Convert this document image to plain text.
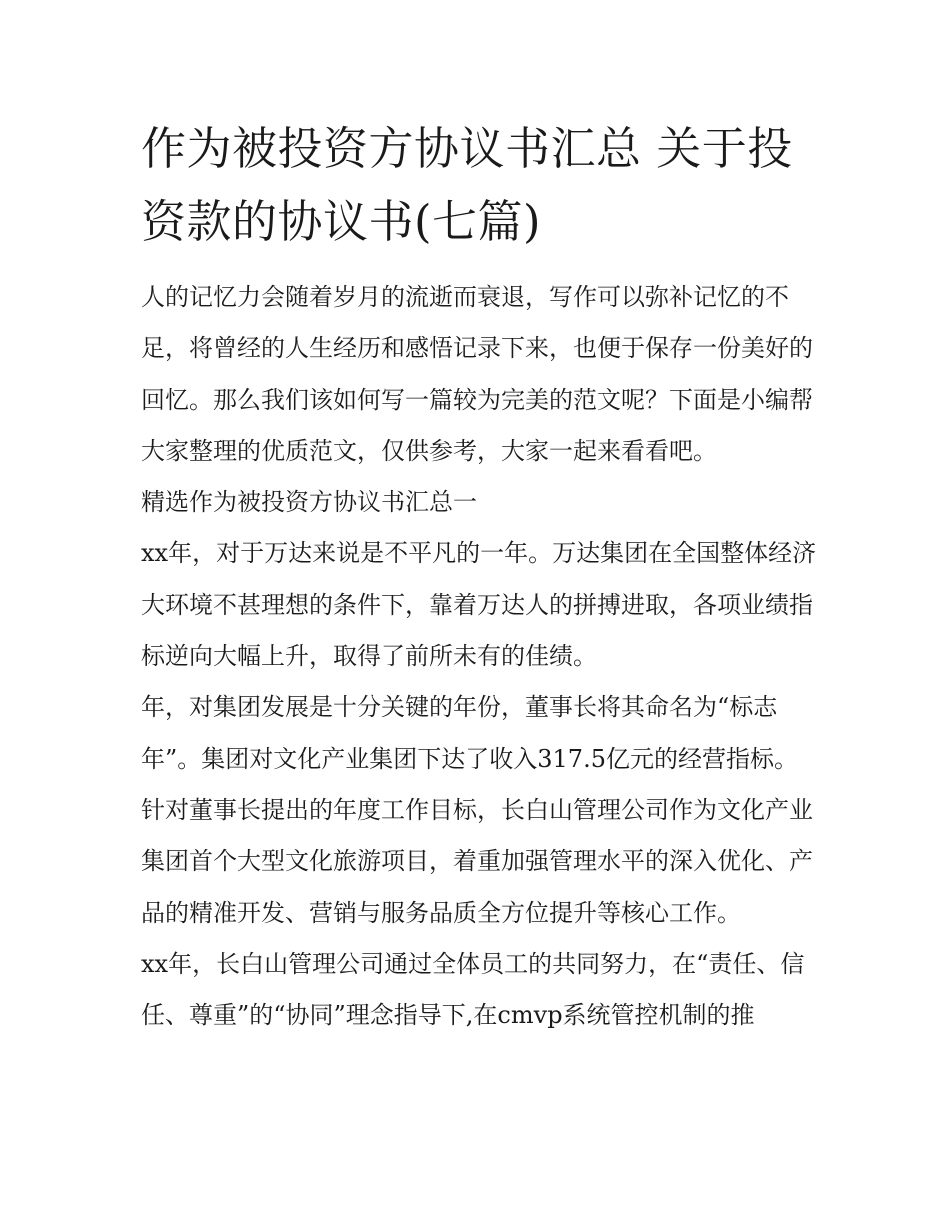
作为被投资方协议书汇总 关于投资款的协议书(七篇)

人的记忆力会随着岁月的流逝而衰退，写作可以弥补记忆的不足，将曾经的人生经历和感悟记录下来，也便于保存一份美好的回忆。那么我们该如何写一篇较为完美的范文呢？下面是小编帮大家整理的优质范文，仅供参考，大家一起来看看吧。

精选作为被投资方协议书汇总一

xx年，对于万达来说是不平凡的一年。万达集团在全国整体经济大环境不甚理想的条件下，靠着万达人的拼搏进取，各项业绩指标逆向大幅上升，取得了前所未有的佳绩。

年，对集团发展是十分关键的年份，董事长将其命名为“标志年”。集团对文化产业集团下达了收入317.5亿元的经营指标。针对董事长提出的年度工作目标，长白山管理公司作为文化产业集团首个大型文化旅游项目，着重加强管理水平的深入优化、产品的精准开发、营销与服务品质全方位提升等核心工作。

xx年，长白山管理公司通过全体员工的共同努力，在“责任、信任、尊重”的“协同”理念指导下,在cmvp系统管控机制的推
